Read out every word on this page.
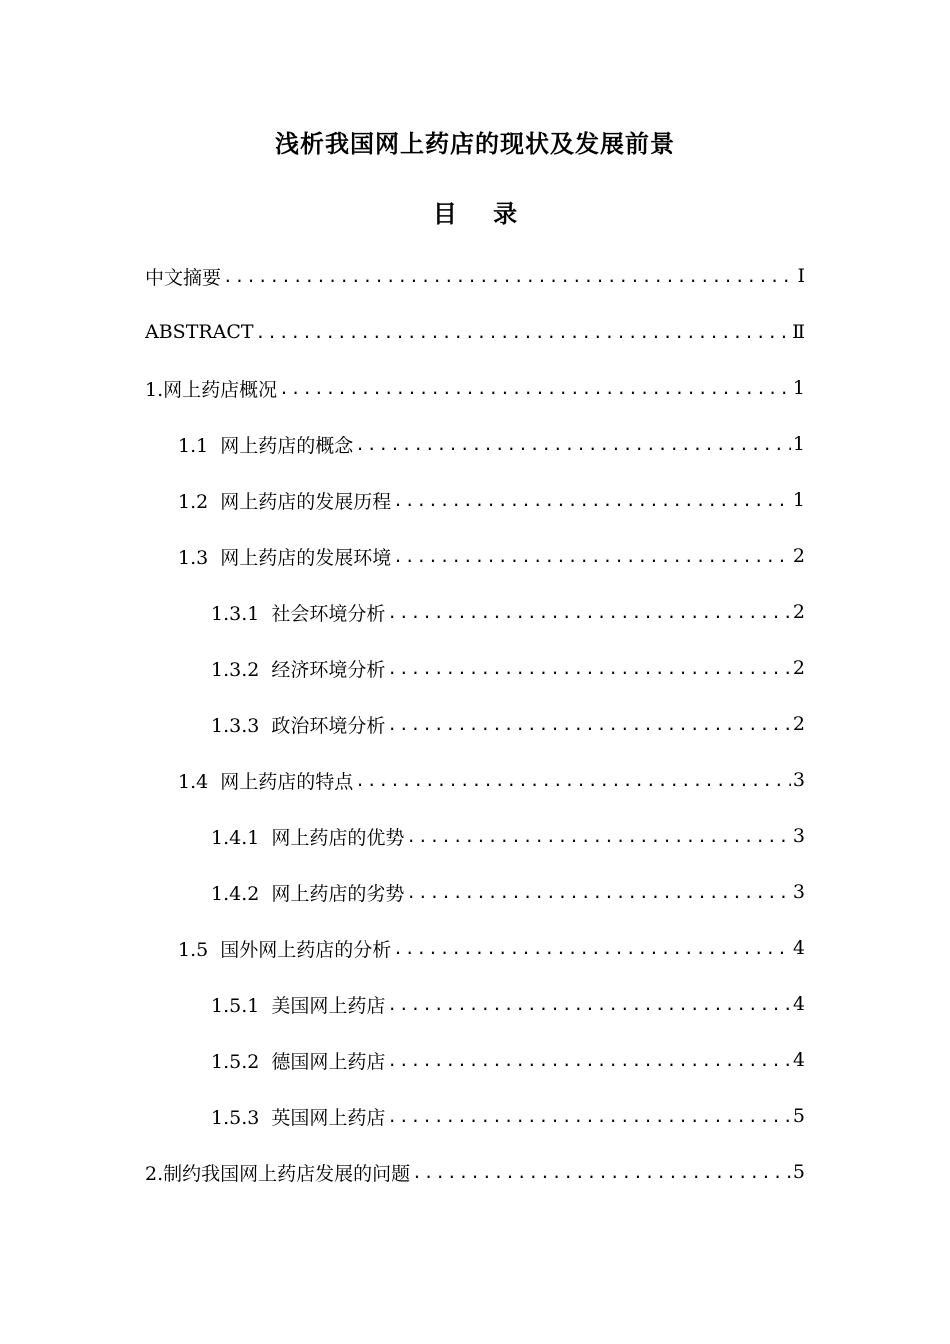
浅析我国网上药店的现状及发展前景
目 录
中文摘要 .....	Ⅰ
ABSTRACT .....	Ⅱ
1.网上药店概况 .....	1
1.1 网上药店的概念 .....	1
1.2 网上药店的发展历程 .....	1
1.3 网上药店的发展环境 .....	2
1.3.1 社会环境分析 .....	2
1.3.2 经济环境分析 .....	2
1.3.3 政治环境分析 .....	2
1.4 网上药店的特点 .....	3
1.4.1 网上药店的优势 .....	3
1.4.2 网上药店的劣势 .....	3
1.5 国外网上药店的分析 .....	4
1.5.1 美国网上药店 .....	4
1.5.2 德国网上药店 .....	4
1.5.3 英国网上药店 .....	5
2.制约我国网上药店发展的问题 .....	5
